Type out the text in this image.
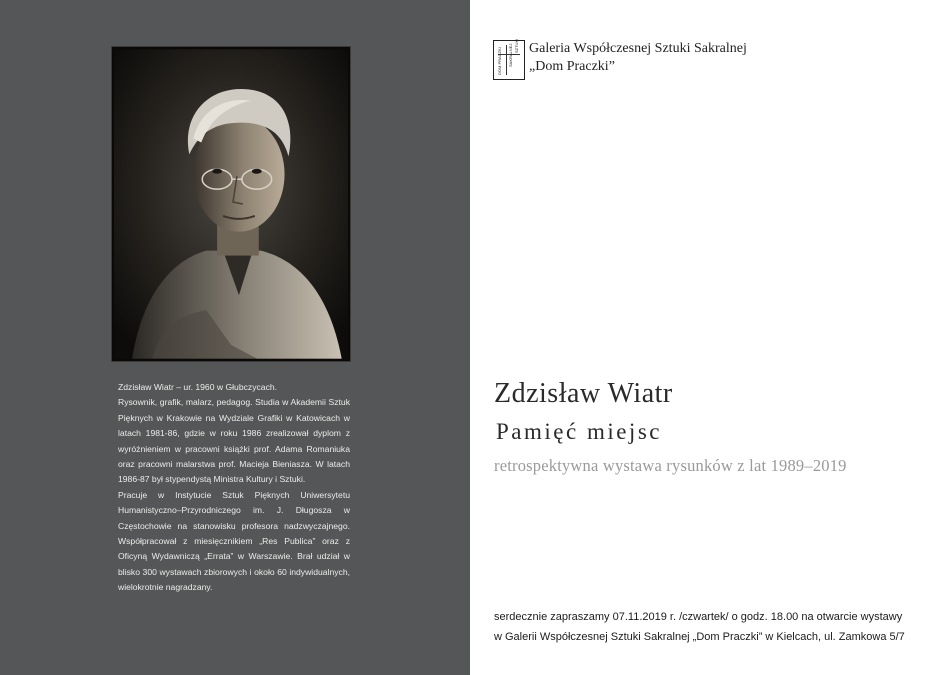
Zdzisław Wiatr – ur. 1960 w Głubczycach.

Rysownik, grafik, malarz, pedagog. Studia w Akademii Sztuk Pięknych w Krakowie na Wydziale Grafiki w Katowicach w latach 1981-86, gdzie w roku 1986 zrealizował dyplom z wyróżnieniem w pracowni książki prof. Adama Romaniuka oraz pracowni malarstwa prof. Macieja Bieniasza. W latach 1986-87 był stypendystą Ministra Kultury i Sztuki.

Pracuje w Instytucie Sztuk Pięknych Uniwersytetu Humanistyczno–Przyrodniczego im. J. Długosza w Częstochowie na stanowisku profesora nadzwyczajnego. Współpracował z miesięcznikiem „Res Publica” oraz z Oficyną Wydawniczą „Errata” w Warszawie. Brał udział w blisko 300 wystawach zbiorowych i około 60 indywidualnych, wielokrotnie nagradzany.

DOM PRACZKI SAKRALNEJ SZTUKI Galeria Współczesnej Sztuki Sakralnej
„Dom Praczki”
Zdzisław Wiatr
Pamięć miejsc
retrospektywna wystawa rysunków z lat 1989–2019
serdecznie zapraszamy 07.11.2019 r. /czwartek/ o godz. 18.00 na otwarcie wystawy
w Galerii Współczesnej Sztuki Sakralnej „Dom Praczki” w Kielcach, ul. Zamkowa 5/7
